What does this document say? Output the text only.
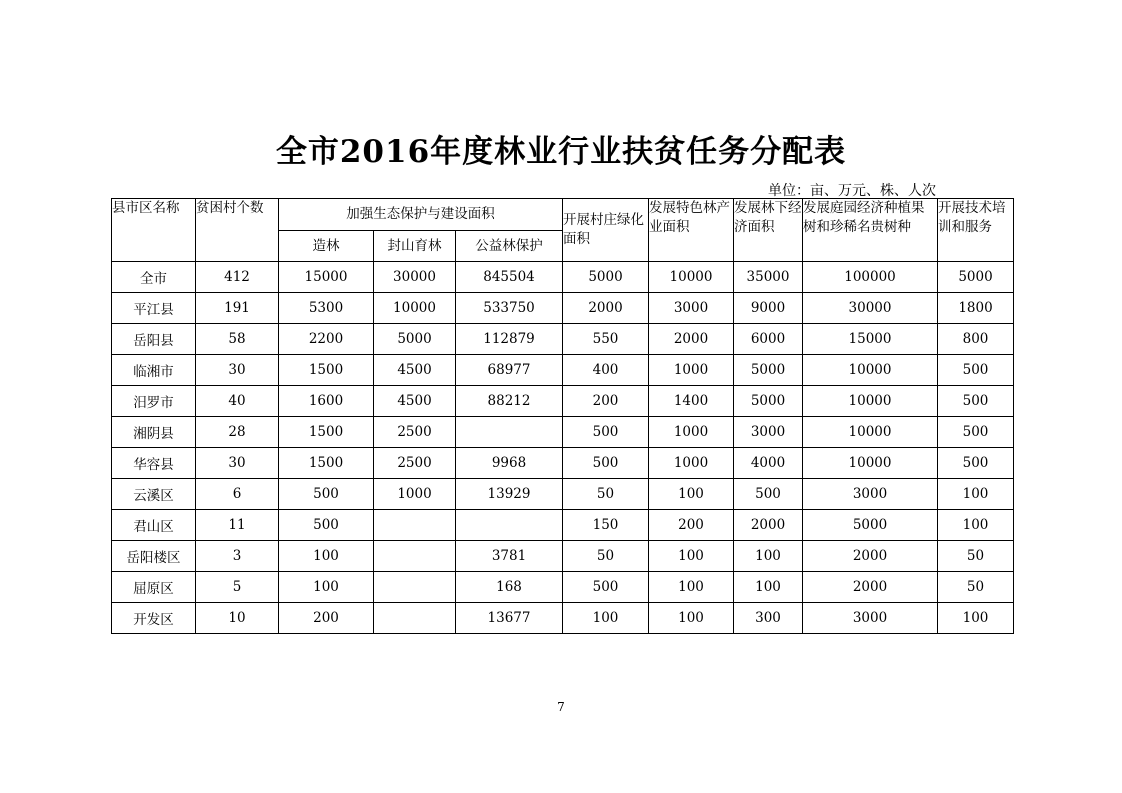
全市2016年度林业行业扶贫任务分配表
单位：亩、万元、株、人次
县市区名称	贫困村个数	加强生态保护与建设面积			开展村庄绿化面积	发展特色林产业面积	发展林下经济面积	发展庭园经济种植果树和珍稀名贵树种	开展技术培训和服务
		造林	封山育林	公益林保护					
全市	412	15000	30000	845504	5000	10000	35000	100000	5000
平江县	191	5300	10000	533750	2000	3000	9000	30000	1800
岳阳县	58	2200	5000	112879	550	2000	6000	15000	800
临湘市	30	1500	4500	68977	400	1000	5000	10000	500
汨罗市	40	1600	4500	88212	200	1400	5000	10000	500
湘阴县	28	1500	2500		500	1000	3000	10000	500
华容县	30	1500	2500	9968	500	1000	4000	10000	500
云溪区	6	500	1000	13929	50	100	500	3000	100
君山区	11	500			150	200	2000	5000	100
岳阳楼区	3	100		3781	50	100	100	2000	50
屈原区	5	100		168	500	100	100	2000	50
开发区	10	200		13677	100	100	300	3000	100
7
